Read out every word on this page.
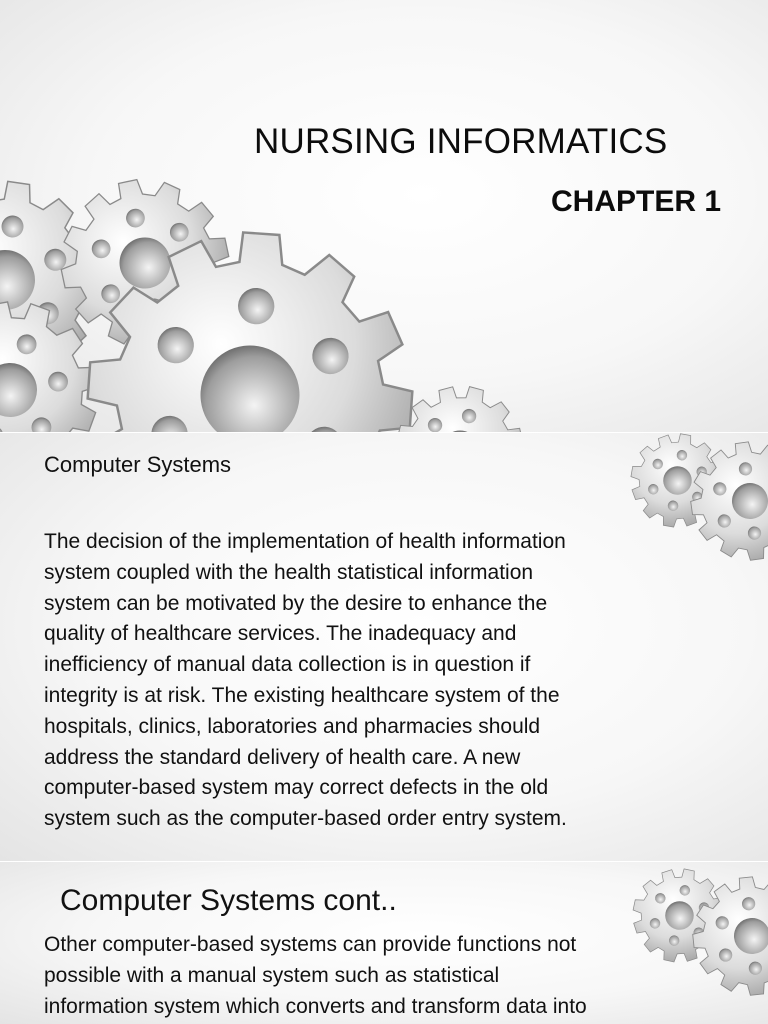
NURSING INFORMATICS
CHAPTER 1
Computer Systems
The decision of the implementation of health information
system coupled with the health statistical information
system can be motivated by the desire to enhance the
quality of healthcare services. The inadequacy and
inefficiency of manual data collection is in question if
integrity is at risk. The existing healthcare system of the
hospitals, clinics, laboratories and pharmacies should
address the standard delivery of health care. A new
computer-based system may correct defects in the old
system such as the computer-based order entry system.
Computer Systems cont..
Other computer-based systems can provide functions not
possible with a manual system such as statistical
information system which converts and transform data into
